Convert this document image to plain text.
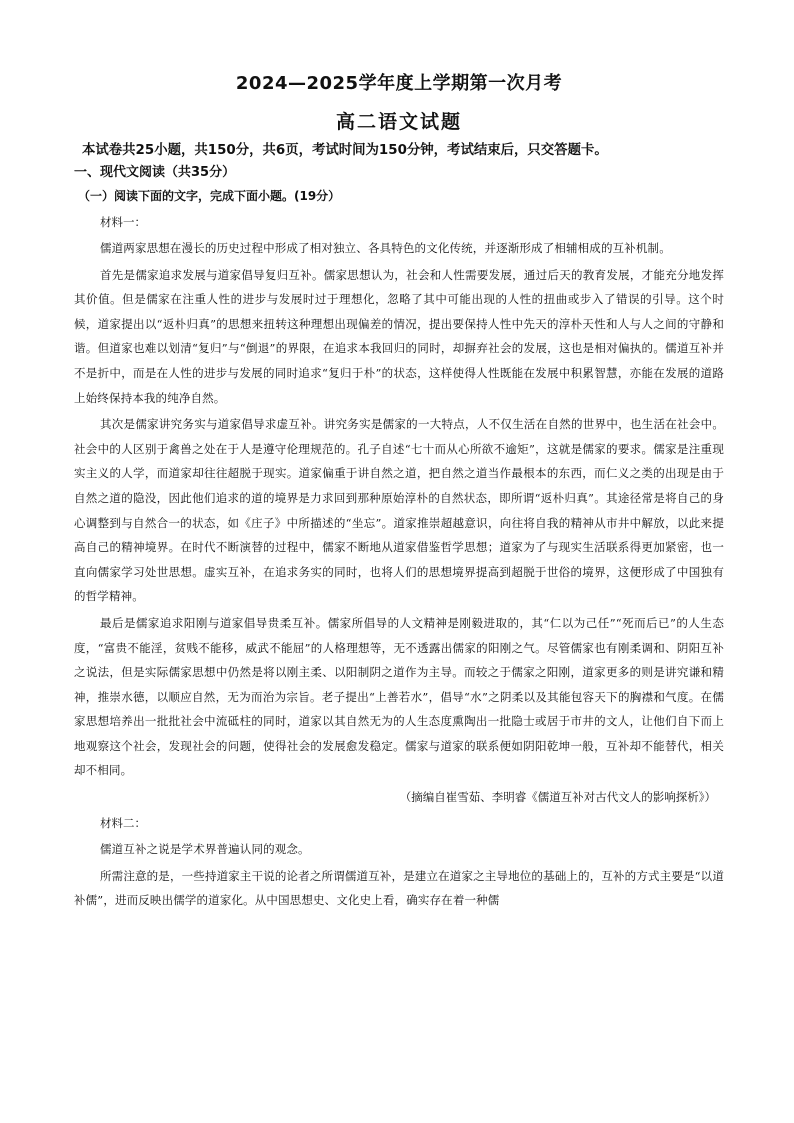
2024—2025学年度上学期第一次月考
高二语文试题
本试卷共25小题，共150分，共6页，考试时间为150分钟，考试结束后，只交答题卡。
一、现代文阅读（共35分）
（一）阅读下面的文字，完成下面小题。(19分）
材料一：

儒道两家思想在漫长的历史过程中形成了相对独立、各具特色的文化传统，并逐渐形成了相辅相成的互补机制。

首先是儒家追求发展与道家倡导复归互补。儒家思想认为，社会和人性需要发展，通过后天的教育发展，才能充分地发挥其价值。但是儒家在注重人性的进步与发展时过于理想化，忽略了其中可能出现的人性的扭曲或步入了错误的引导。这个时候，道家提出以“返朴归真”的思想来扭转这种理想出现偏差的情况，提出要保持人性中先天的淳朴天性和人与人之间的守静和谐。但道家也难以划清“复归”与“倒退”的界限，在追求本我回归的同时，却摒弃社会的发展，这也是相对偏执的。儒道互补并不是折中，而是在人性的进步与发展的同时追求“复归于朴”的状态，这样使得人性既能在发展中积累智慧，亦能在发展的道路上始终保持本我的纯净自然。

其次是儒家讲究务实与道家倡导求虚互补。讲究务实是儒家的一大特点，人不仅生活在自然的世界中，也生活在社会中。社会中的人区别于禽兽之处在于人是遵守伦理规范的。孔子自述“七十而从心所欲不逾矩”，这就是儒家的要求。儒家是注重现实主义的人学，而道家却往往超脱于现实。道家偏重于讲自然之道，把自然之道当作最根本的东西，而仁义之类的出现是由于自然之道的隐没，因此他们追求的道的境界是力求回到那种原始淳朴的自然状态，即所谓“返朴归真”。其途径常是将自己的身心调整到与自然合一的状态，如《庄子》中所描述的“坐忘”。道家推崇超越意识，向往将自我的精神从市井中解放，以此来提高自己的精神境界。在时代不断演替的过程中，儒家不断地从道家借鉴哲学思想；道家为了与现实生活联系得更加紧密，也一直向儒家学习处世思想。虚实互补，在追求务实的同时，也将人们的思想境界提高到超脱于世俗的境界，这便形成了中国独有的哲学精神。

最后是儒家追求阳刚与道家倡导贵柔互补。儒家所倡导的人文精神是刚毅进取的，其“仁以为己任”“死而后已”的人生态度，“富贵不能淫，贫贱不能移，威武不能屈”的人格理想等，无不透露出儒家的阳刚之气。尽管儒家也有刚柔调和、阴阳互补之说法，但是实际儒家思想中仍然是将以刚主柔、以阳制阴之道作为主导。而较之于儒家之阳刚，道家更多的则是讲究谦和精神，推崇水德，以顺应自然，无为而治为宗旨。老子提出“上善若水”，倡导“水”之阴柔以及其能包容天下的胸襟和气度。在儒家思想培养出一批批社会中流砥柱的同时，道家以其自然无为的人生态度熏陶出一批隐士或居于市井的文人，让他们自下而上地观察这个社会，发现社会的问题，使得社会的发展愈发稳定。儒家与道家的联系便如阴阳乾坤一般，互补却不能替代，相关却不相同。

（摘编自崔雪茹、李明睿《儒道互补对古代文人的影响探析》）
材料二：

儒道互补之说是学术界普遍认同的观念。

所需注意的是，一些持道家主干说的论者之所谓儒道互补，是建立在道家之主导地位的基础上的，互补的方式主要是“以道补儒”，进而反映出儒学的道家化。从中国思想史、文化史上看，确实存在着一种儒
